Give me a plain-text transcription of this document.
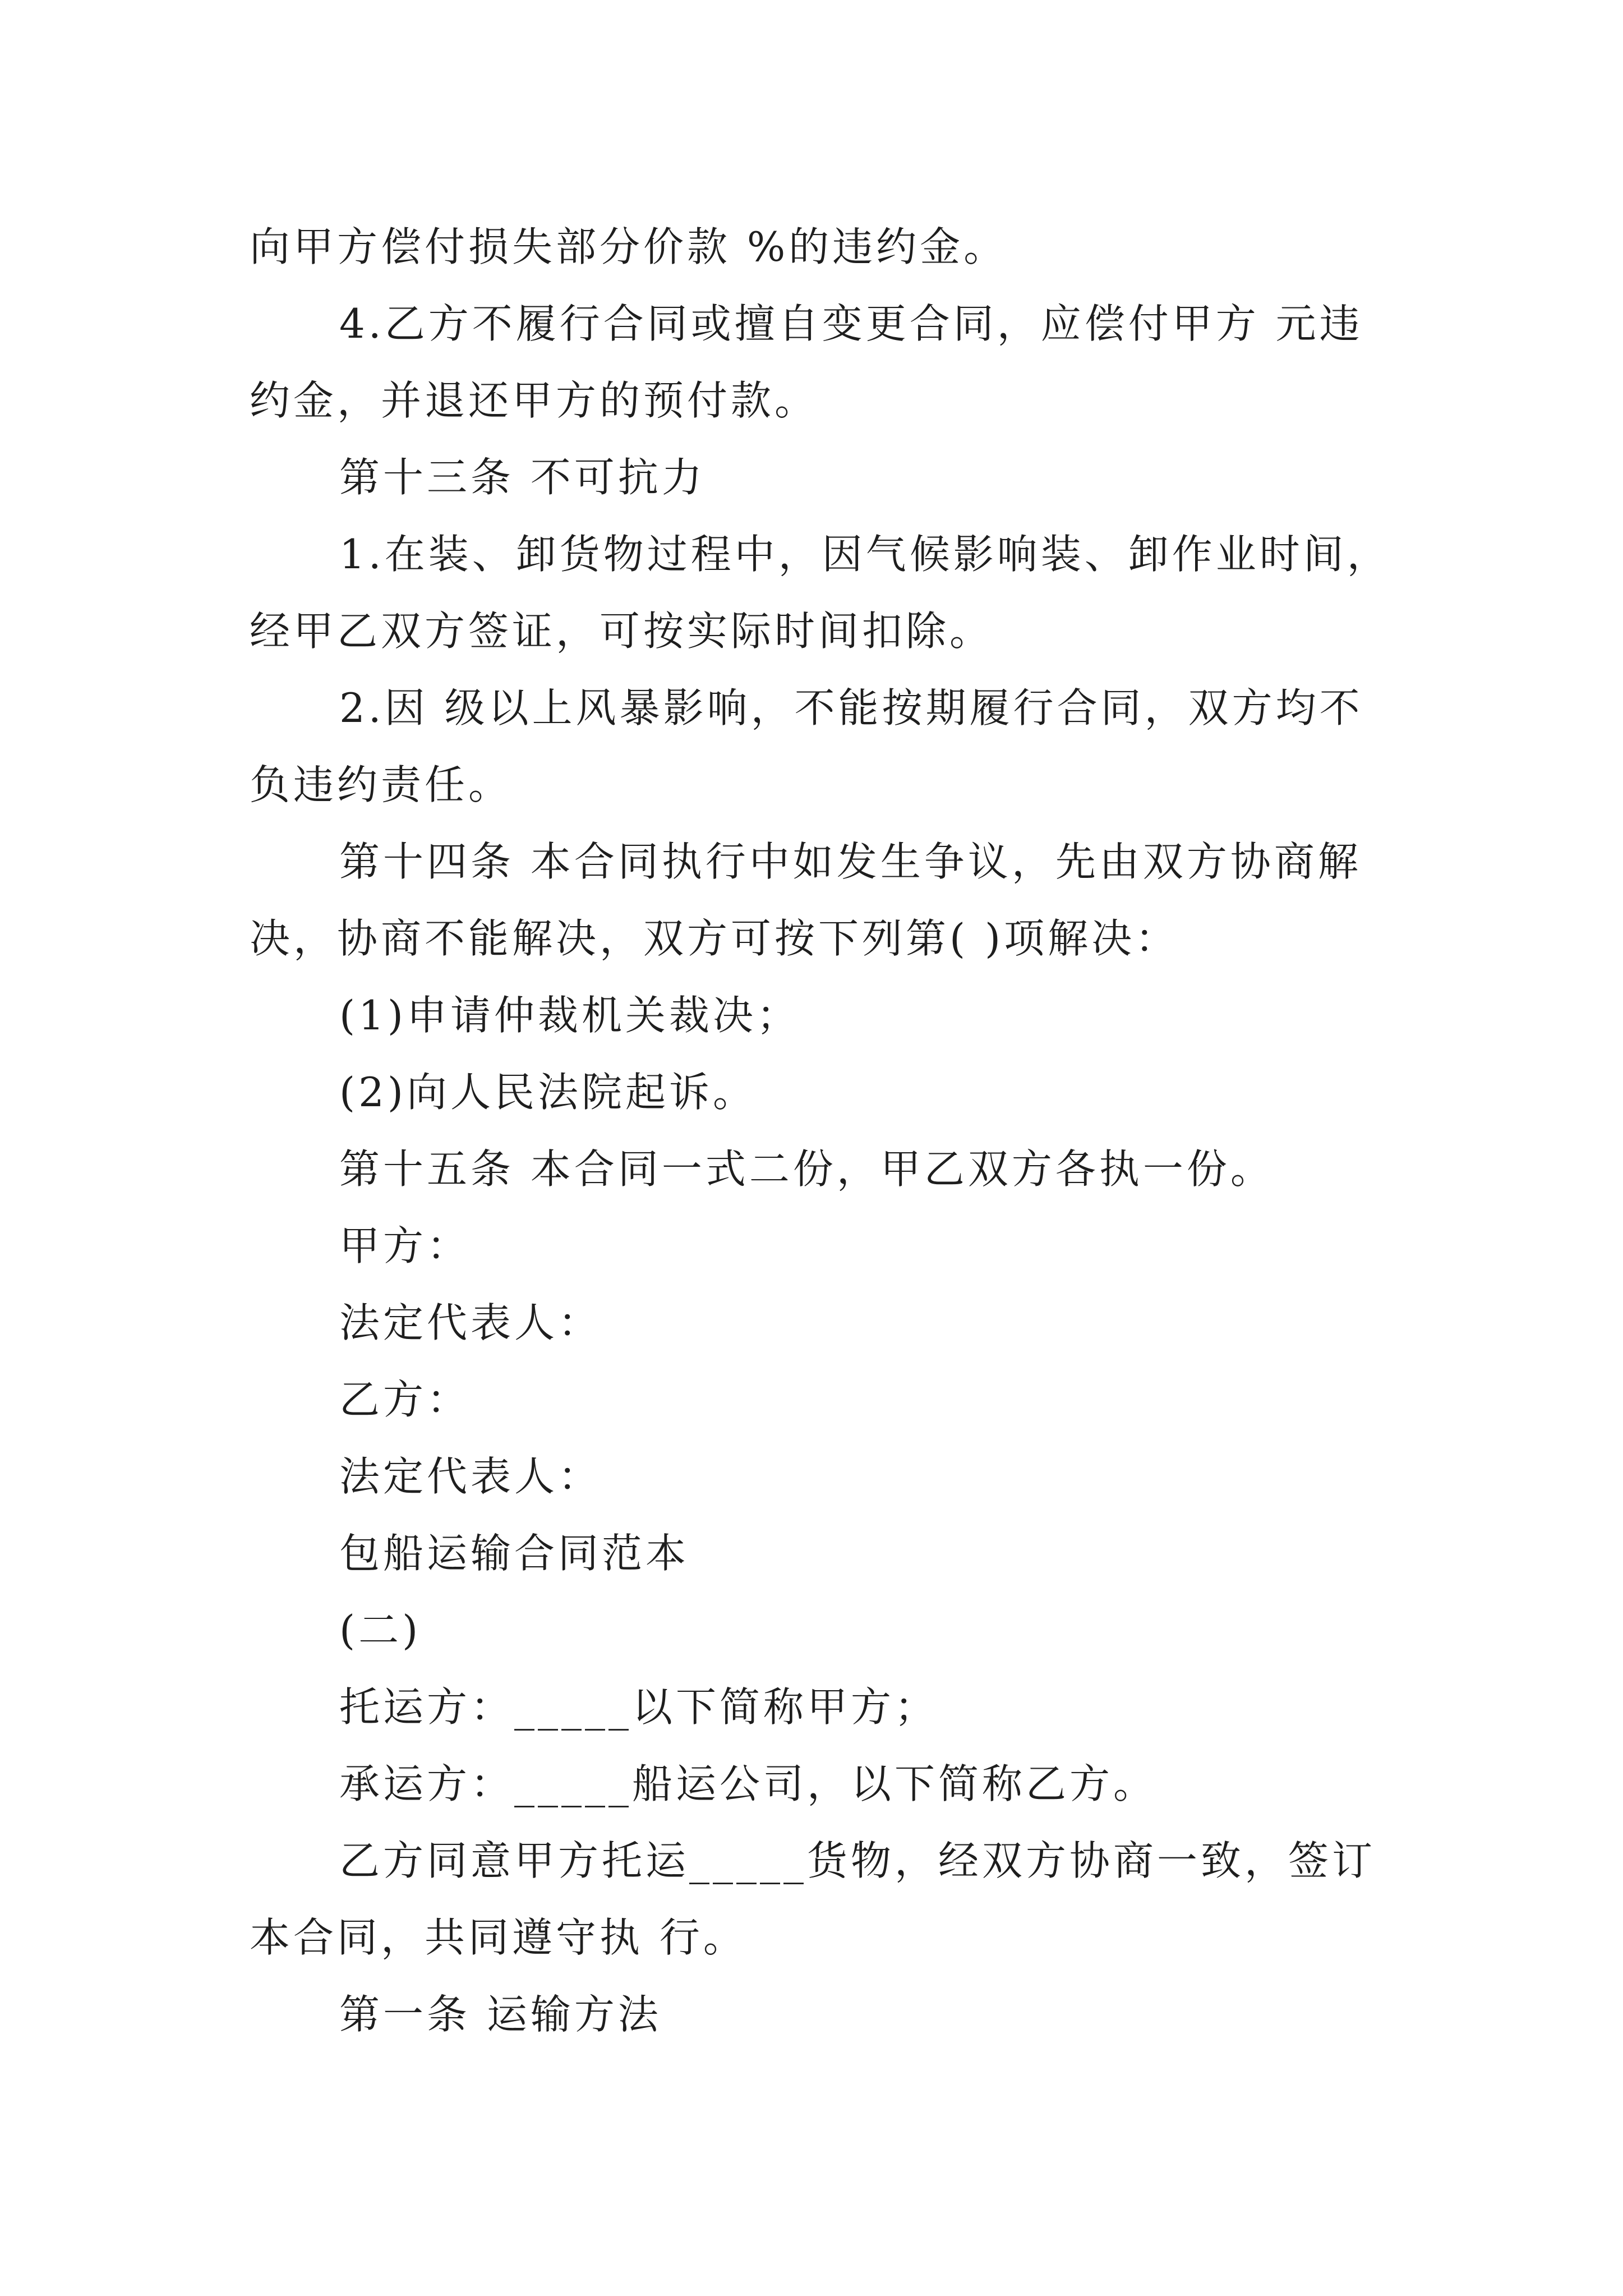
向甲方偿付损失部分价款 %的违约金。

4.乙方不履行合同或擅自变更合同，应偿付甲方 元违约金，并退还甲方的预付款。

第十三条 不可抗力

1.在装、卸货物过程中，因气候影响装、卸作业时间，经甲乙双方签证，可按实际时间扣除。

2.因 级以上风暴影响，不能按期履行合同，双方均不负违约责任。

第十四条 本合同执行中如发生争议，先由双方协商解决，协商不能解决，双方可按下列第( )项解决：

(1)申请仲裁机关裁决；

(2)向人民法院起诉。

第十五条 本合同一式二份，甲乙双方各执一份。

甲方：

法定代表人：

乙方：

法定代表人：

包船运输合同范本

(二)

托运方：_____以下简称甲方；

承运方：_____船运公司，以下简称乙方。

乙方同意甲方托运_____货物，经双方协商一致，签订本合同，共同遵守执 行。

第一条 运输方法
